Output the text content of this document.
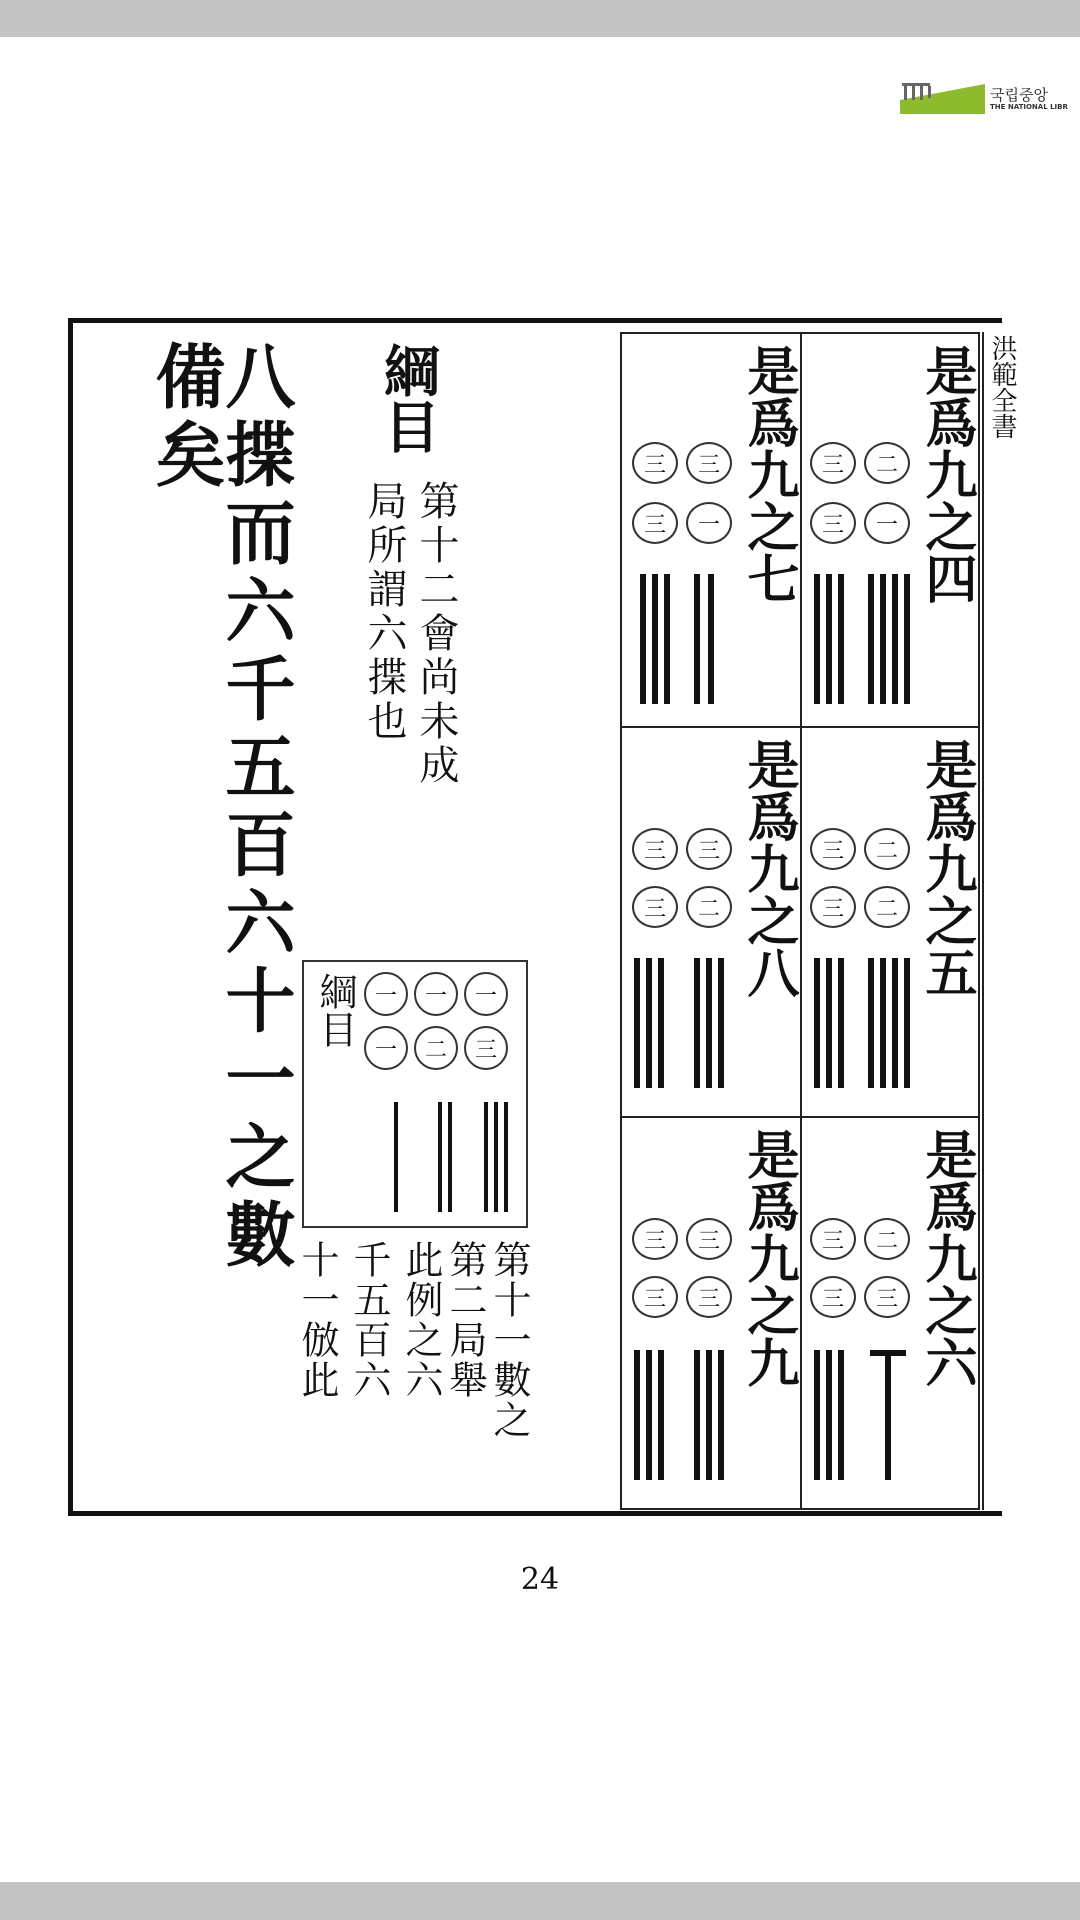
국립중앙
THE NATIONAL LIBR
八揲而六千五百六十一之數備矣	綱目
第十二會尚未成
局所謂六揲也
綱目 一	一	一
一	二	三
第十一數之
第二局舉
此例之六
千五百六
十一倣此
是爲九之四
三	二
三	一
是爲九之七
三	三
三	一
是爲九之五
三	二
三	二
是爲九之八
三	三
三	二
是爲九之六
三	二
三	三
是爲九之九
三	三
三	三
洪範全書
24
